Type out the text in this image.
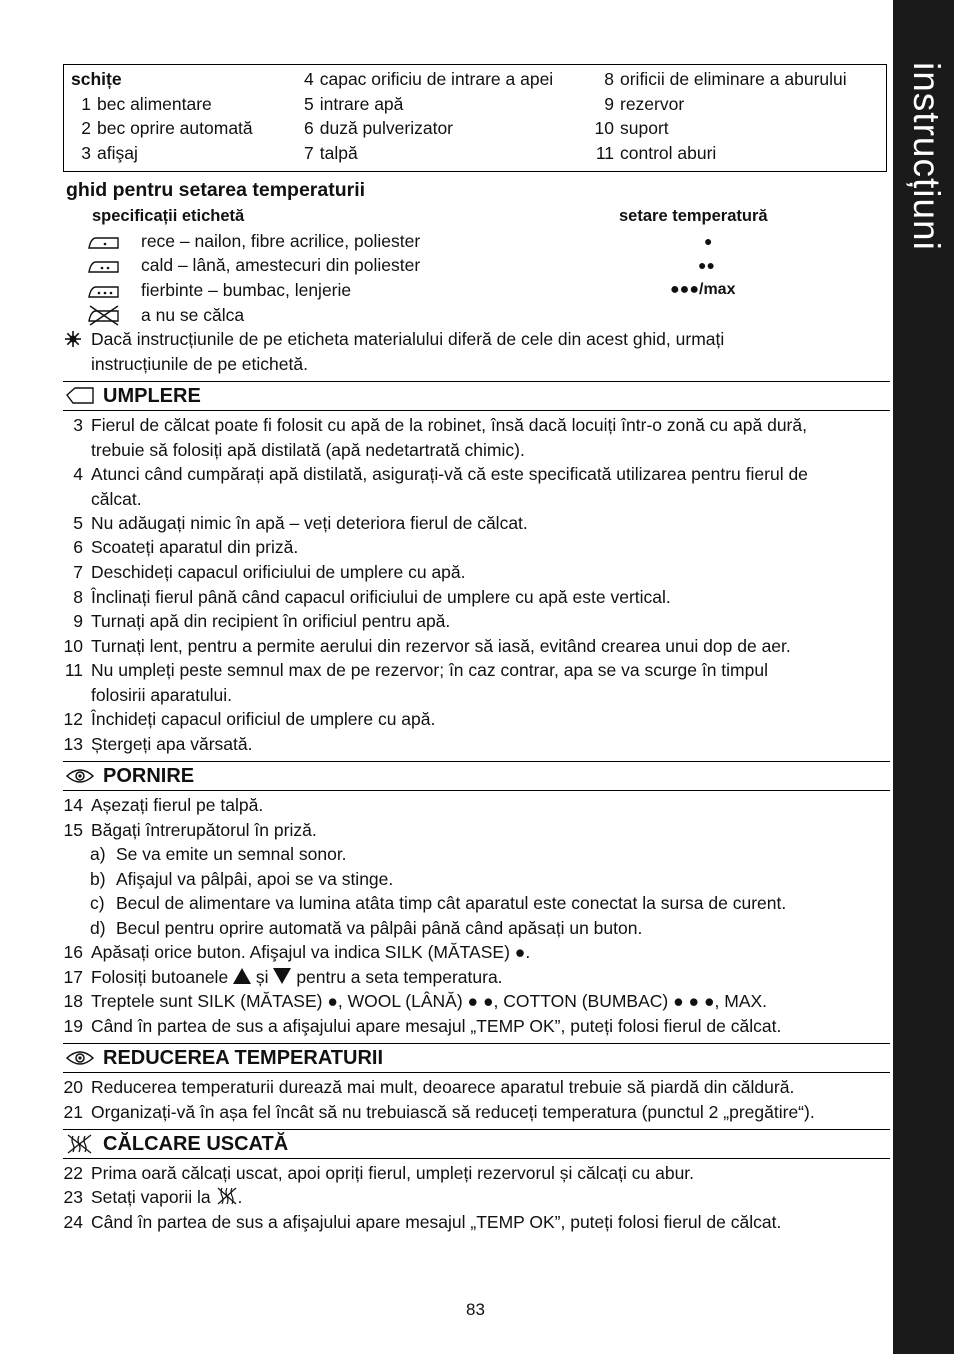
instrucțiuni
schițe
1 bec alimentare
2 bec oprire automată
3 afişaj
4 capac orificiu de intrare a apei
5 intrare apă
6 duză pulverizator
7 talpă
8 orificii de eliminare a aburului
9 rezervor
10 suport
11 control aburi
ghid pentru setarea temperaturii
specificații etichetă	setare temperatură
rece – nailon, fibre acrilice, poliester
cald – lână, amestecuri din poliester
fierbinte – bumbac, lenjerie
a nu se călca
●
●●
●●●/max
Dacă instrucțiunile de pe eticheta materialului diferă de cele din acest ghid, urmați
instrucțiunile de pe etichetă.
UMPLERE
3 Fierul de călcat poate fi folosit cu apă de la robinet, însă dacă locuiți într-o zonă cu apă dură,
trebuie să folosiți apă distilată (apă nedetartrată chimic).
4 Atunci când cumpărați apă distilată, asigurați-vă că este specificată utilizarea pentru fierul de
călcat.
5 Nu adăugați nimic în apă – veți deteriora fierul de călcat.
6 Scoateți aparatul din priză.
7 Deschideți capacul orificiului de umplere cu apă.
8 Înclinați fierul până când capacul orificiului de umplere cu apă este vertical.
9 Turnați apă din recipient în orificiul pentru apă.
10 Turnați lent, pentru a permite aerului din rezervor să iasă, evitând crearea unui dop de aer.
11 Nu umpleți peste semnul max de pe rezervor; în caz contrar, apa se va scurge în timpul
folosirii aparatului.
12 Închideți capacul orificiul de umplere cu apă.
13 Ștergeți apa vărsată.
PORNIRE
14 Așezați fierul pe talpă.
15 Băgați întrerupătorul în priză.
a) Se va emite un semnal sonor.
b) Afişajul va pâlpâi, apoi se va stinge.
c) Becul de alimentare va lumina atâta timp cât aparatul este conectat la sursa de curent.
d) Becul pentru oprire automată va pâlpâi până când apăsați un buton.
16 Apăsați orice buton. Afişajul va indica SILK (MĂTASE) ●.
17 Folosiți butoanele și pentru a seta temperatura.
18 Treptele sunt SILK (MĂTASE) ●, WOOL (LÂNĂ) ● ●, COTTON (BUMBAC) ● ● ●, MAX.
19 Când în partea de sus a afişajului apare mesajul „TEMP OK”, puteți folosi fierul de călcat.
REDUCEREA TEMPERATURII
20 Reducerea temperaturii durează mai mult, deoarece aparatul trebuie să piardă din căldură.
21 Organizați-vă în așa fel încât să nu trebuiască să reduceți temperatura (punctul 2 „pregătire“).
CĂLCARE USCATĂ
22 Prima oară călcați uscat, apoi opriți fierul, umpleți rezervorul și călcați cu abur.
23 Setați vaporii la .
24 Când în partea de sus a afişajului apare mesajul „TEMP OK”, puteți folosi fierul de călcat.
83
